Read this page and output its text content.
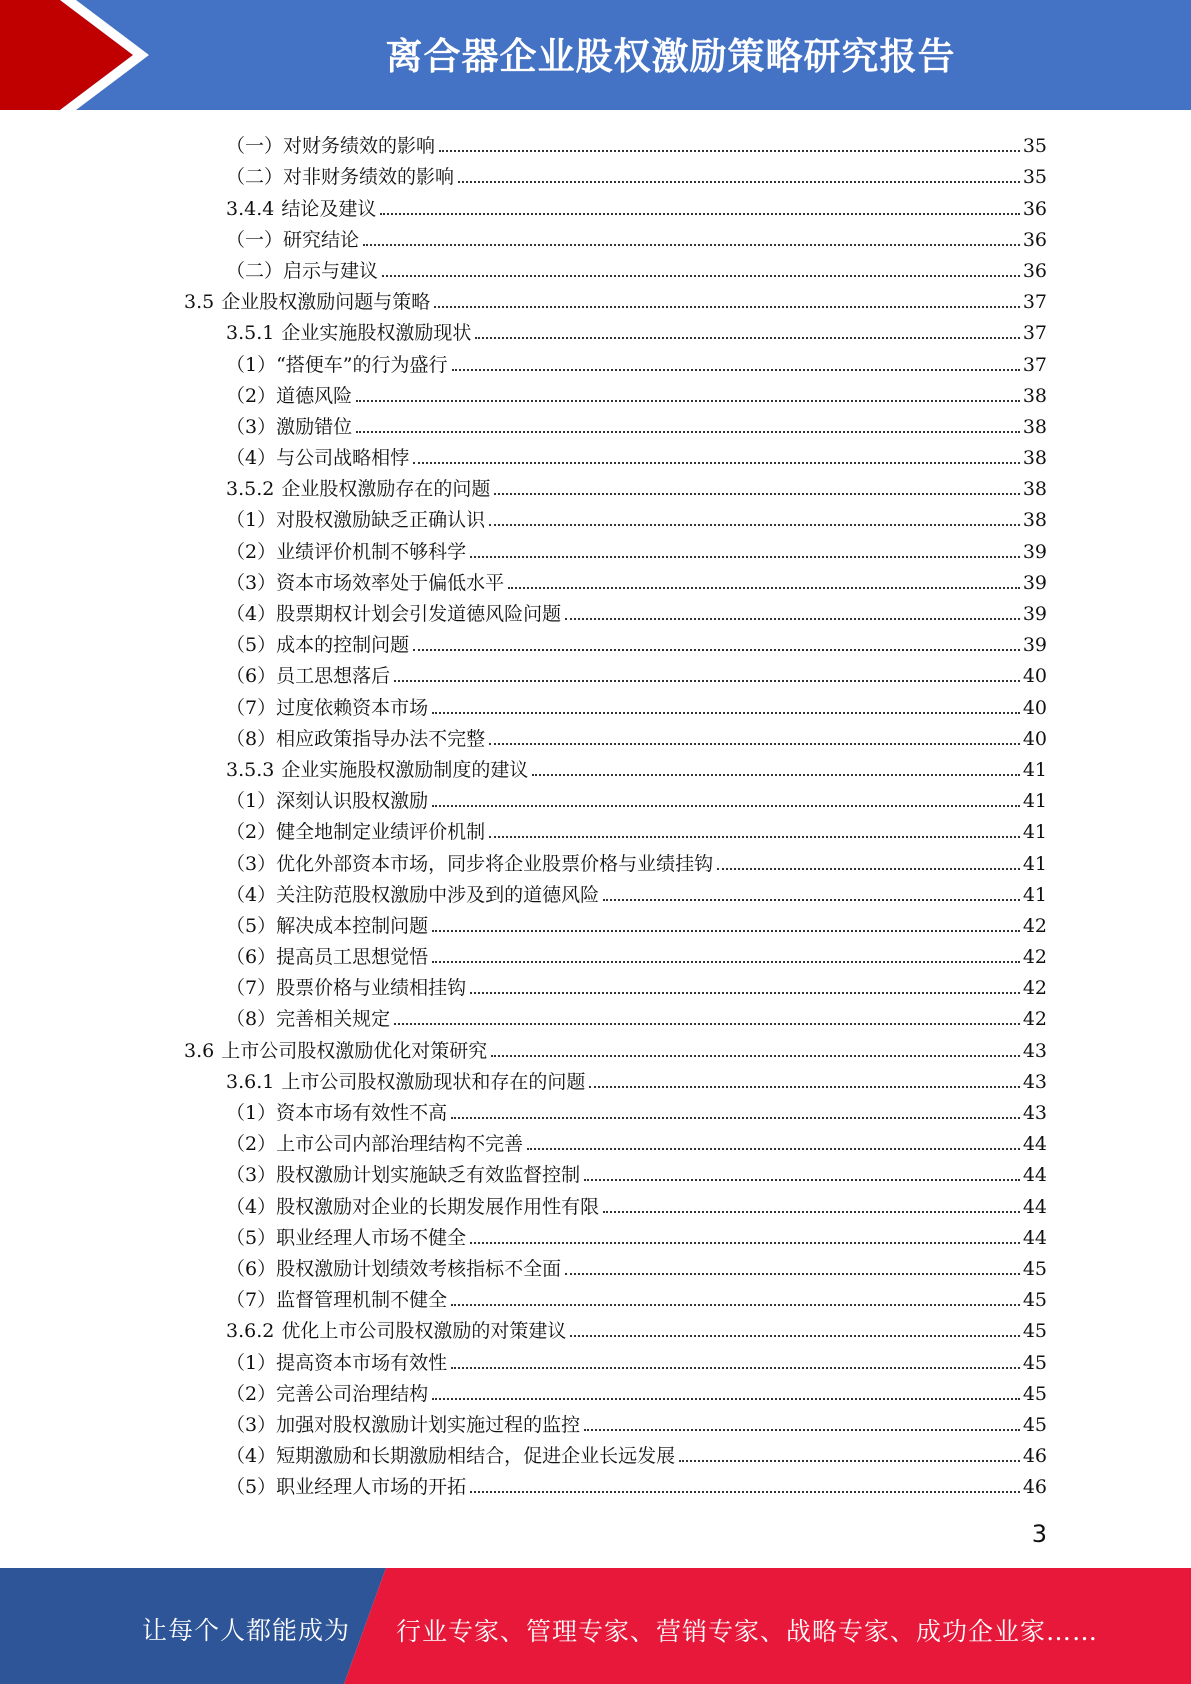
离合器企业股权激励策略研究报告
（一）对财务绩效的影响	35
（二）对非财务绩效的影响	35
3.4.4 结论及建议	36
（一）研究结论	36
（二）启示与建议	36
3.5 企业股权激励问题与策略	37
3.5.1 企业实施股权激励现状	37
（1）“搭便车”的行为盛行	37
（2）道德风险	38
（3）激励错位	38
（4）与公司战略相悖	38
3.5.2 企业股权激励存在的问题	38
（1）对股权激励缺乏正确认识	38
（2）业绩评价机制不够科学	39
（3）资本市场效率处于偏低水平	39
（4）股票期权计划会引发道德风险问题	39
（5）成本的控制问题	39
（6）员工思想落后	40
（7）过度依赖资本市场	40
（8）相应政策指导办法不完整	40
3.5.3 企业实施股权激励制度的建议	41
（1）深刻认识股权激励	41
（2）健全地制定业绩评价机制	41
（3）优化外部资本市场，同步将企业股票价格与业绩挂钩	41
（4）关注防范股权激励中涉及到的道德风险	41
（5）解决成本控制问题	42
（6）提高员工思想觉悟	42
（7）股票价格与业绩相挂钩	42
（8）完善相关规定	42
3.6 上市公司股权激励优化对策研究	43
3.6.1 上市公司股权激励现状和存在的问题	43
（1）资本市场有效性不高	43
（2）上市公司内部治理结构不完善	44
（3）股权激励计划实施缺乏有效监督控制	44
（4）股权激励对企业的长期发展作用性有限	44
（5）职业经理人市场不健全	44
（6）股权激励计划绩效考核指标不全面	45
（7）监督管理机制不健全	45
3.6.2 优化上市公司股权激励的对策建议	45
（1）提高资本市场有效性	45
（2）完善公司治理结构	45
（3）加强对股权激励计划实施过程的监控	45
（4）短期激励和长期激励相结合，促进企业长远发展	46
（5）职业经理人市场的开拓	46
3
让每个人都能成为 行业专家、管理专家、营销专家、战略专家、成功企业家……
